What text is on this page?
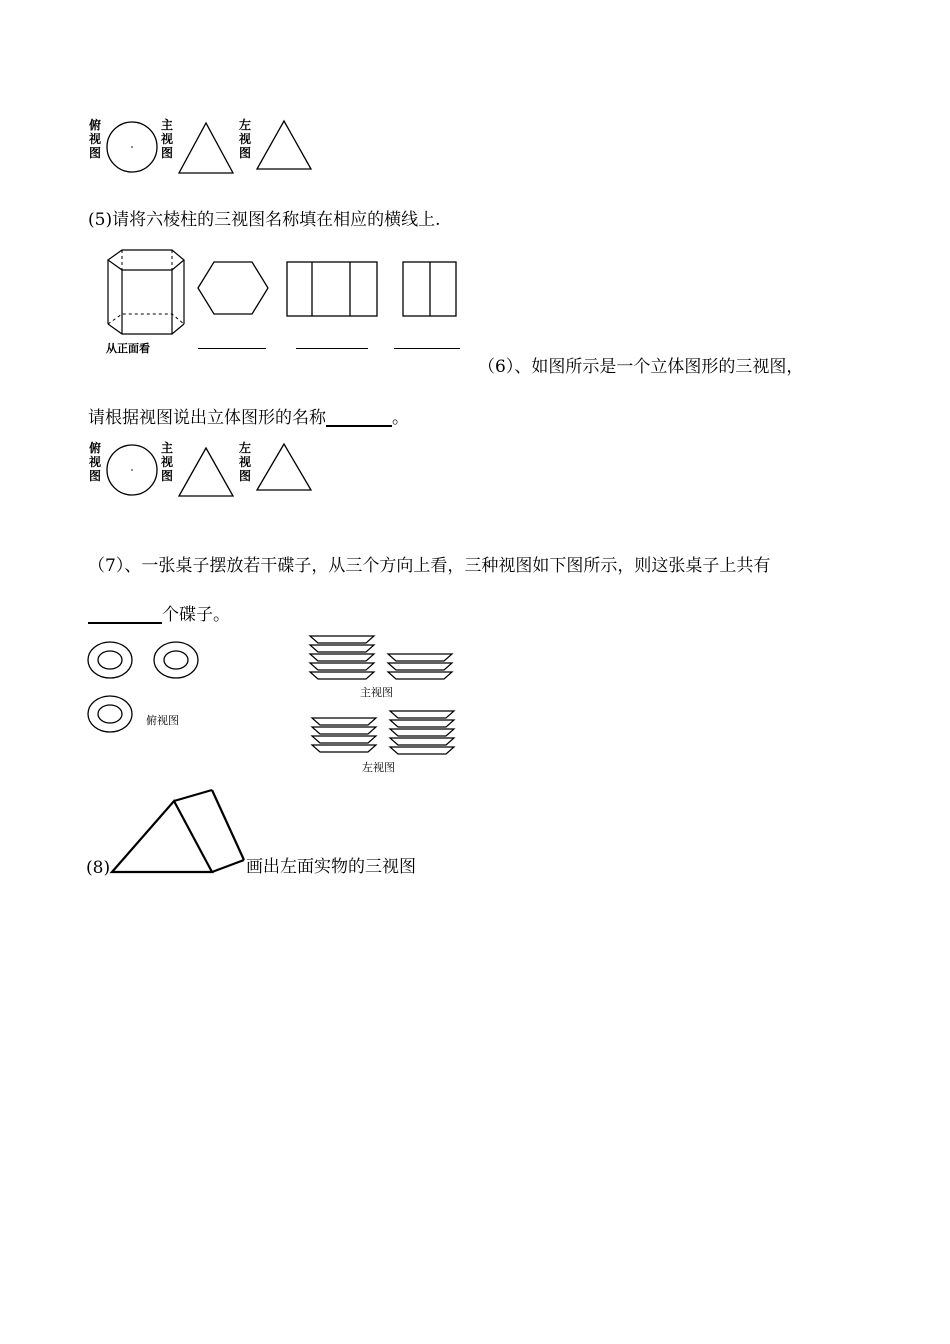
俯视图
主视图
左视图
(5)请将六棱柱的三视图名称填在相应的横线上.
从正面看
（6）、如图所示是一个立体图形的三视图，
请根据视图说出立体图形的名称	。
俯视图
主视图
左视图
（7）、一张桌子摆放若干碟子，从三个方向上看，三种视图如下图所示，则这张桌子上共有
个碟子。
俯视图
主视图
左视图
(8)	画出左面实物的三视图
